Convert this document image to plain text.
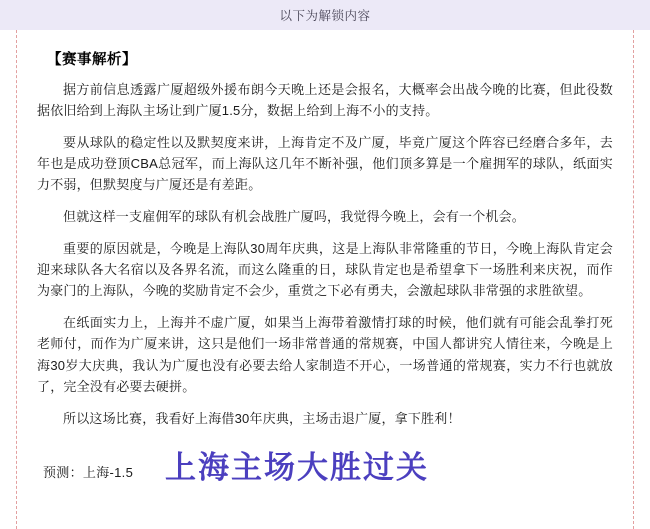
以下为解锁内容
【赛事解析】

据方前信息透露广厦超级外援布朗今天晚上还是会报名，大概率会出战今晚的比赛，但此役数据依旧给到上海队主场让到广厦1.5分，数据上给到上海不小的支持。

要从球队的稳定性以及默契度来讲，上海肯定不及广厦，毕竟广厦这个阵容已经磨合多年，去年也是成功登顶CBA总冠军，而上海队这几年不断补强，他们顶多算是一个雇拥军的球队，纸面实力不弱，但默契度与广厦还是有差距。

但就这样一支雇佣军的球队有机会战胜广厦吗，我觉得今晚上，会有一个机会。

重要的原因就是，今晚是上海队30周年庆典，这是上海队非常隆重的节日，今晚上海队肯定会迎来球队各大名宿以及各界名流，而这么隆重的日，球队肯定也是希望拿下一场胜利来庆祝，而作为豪门的上海队，今晚的奖励肯定不会少，重赏之下必有勇夫，会激起球队非常强的求胜欲望。

在纸面实力上，上海并不虚广厦，如果当上海带着激情打球的时候，他们就有可能会乱拳打死老师付，而作为广厦来讲，这只是他们一场非常普通的常规赛，中国人都讲究人情往来，今晚是上海30岁大庆典，我认为广厦也没有必要去给人家制造不开心，一场普通的常规赛，实力不行也就放了，完全没有必要去硬拼。

所以这场比赛，我看好上海借30年庆典，主场击退广厦，拿下胜利！

预测：上海-1.5 上海主场大胜过关
